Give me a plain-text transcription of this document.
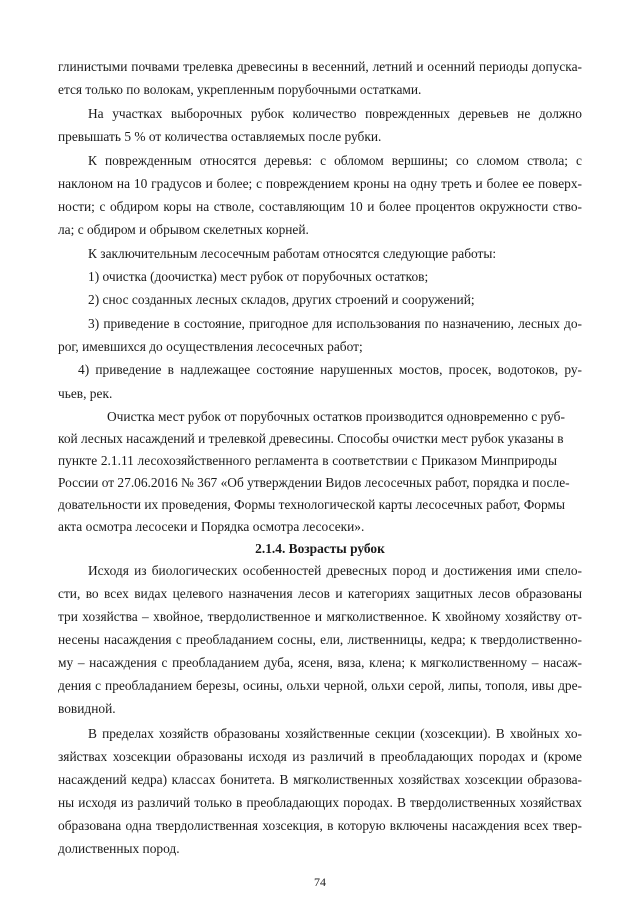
глинистыми почвами трелевка древесины в весенний, летний и осенний периоды допуска-
ется только по волокам, укрепленным порубочными остатками.
На участках выборочных рубок количество поврежденных деревьев не должно
превышать 5 % от количества оставляемых после рубки.
К поврежденным относятся деревья: с обломом вершины; со сломом ствола; с
наклоном на 10 градусов и более; с повреждением кроны на одну треть и более ее поверх-
ности; с обдиром коры на стволе, составляющим 10 и более процентов окружности ство-
ла; с обдиром и обрывом скелетных корней.
К заключительным лесосечным работам относятся следующие работы:
1) очистка (доочистка) мест рубок от порубочных остатков;
2) снос созданных лесных складов, других строений и сооружений;
3) приведение в состояние, пригодное для использования по назначению, лесных до-
рог, имевшихся до осуществления лесосечных работ;
4) приведение в надлежащее состояние нарушенных мостов, просек, водотоков, ру-
чьев, рек.
Очистка мест рубок от порубочных остатков производится одновременно с руб-
кой лесных насаждений и трелевкой древесины. Способы очистки мест рубок указаны в
пункте 2.1.11 лесохозяйственного регламента в соответствии с Приказом Минприроды
России от 27.06.2016 № 367 «Об утверждении Видов лесосечных работ, порядка и после-
довательности их проведения, Формы технологической карты лесосечных работ, Формы
акта осмотра лесосеки и Порядка осмотра лесосеки».
2.1.4. Возрасты рубок
Исходя из биологических особенностей древесных пород и достижения ими спело-
сти, во всех видах целевого назначения лесов и категориях защитных лесов образованы
три хозяйства – хвойное, твердолиственное и мягколиственное. К хвойному хозяйству от-
несены насаждения с преобладанием сосны, ели, лиственницы, кедра; к твердолиственно-
му – насаждения с преобладанием дуба, ясеня, вяза, клена; к мягколиственному – насаж-
дения с преобладанием березы, осины, ольхи черной, ольхи серой, липы, тополя, ивы дре-
вовидной.
В пределах хозяйств образованы хозяйственные секции (хозсекции). В хвойных хо-
зяйствах хозсекции образованы исходя из различий в преобладающих породах и (кроме
насаждений кедра) классах бонитета. В мягколиственных хозяйствах хозсекции образова-
ны исходя из различий только в преобладающих породах. В твердолиственных хозяйствах
образована одна твердолиственная хозсекция, в которую включены насаждения всех твер-
долиственных пород.
74
